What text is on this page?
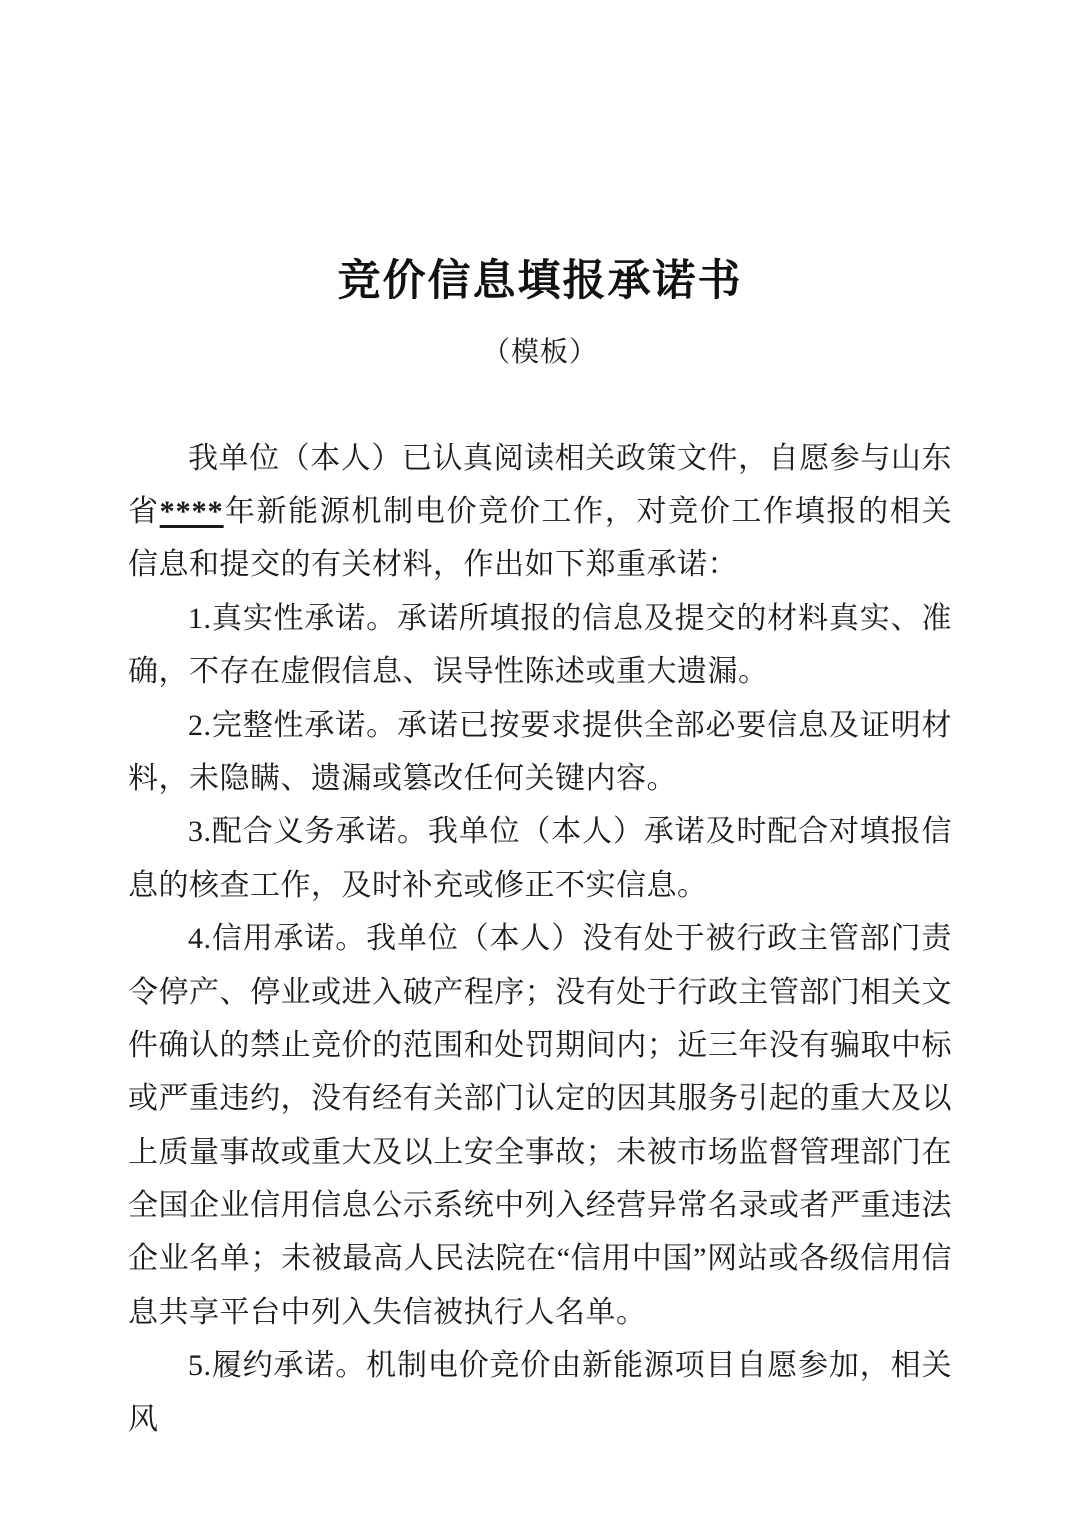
竞价信息填报承诺书
（模板）

我单位（本人）已认真阅读相关政策文件，自愿参与山东省****年新能源机制电价竞价工作，对竞价工作填报的相关信息和提交的有关材料，作出如下郑重承诺：

1.真实性承诺。承诺所填报的信息及提交的材料真实、准确，不存在虚假信息、误导性陈述或重大遗漏。

2.完整性承诺。承诺已按要求提供全部必要信息及证明材料，未隐瞒、遗漏或篡改任何关键内容。

3.配合义务承诺。我单位（本人）承诺及时配合对填报信息的核查工作，及时补充或修正不实信息。

4.信用承诺。我单位（本人）没有处于被行政主管部门责令停产、停业或进入破产程序；没有处于行政主管部门相关文件确认的禁止竞价的范围和处罚期间内；近三年没有骗取中标或严重违约，没有经有关部门认定的因其服务引起的重大及以上质量事故或重大及以上安全事故；未被市场监督管理部门在全国企业信用信息公示系统中列入经营异常名录或者严重违法企业名单；未被最高人民法院在“信用中国”网站或各级信用信息共享平台中列入失信被执行人名单。

5.履约承诺。机制电价竞价由新能源项目自愿参加，相关风
